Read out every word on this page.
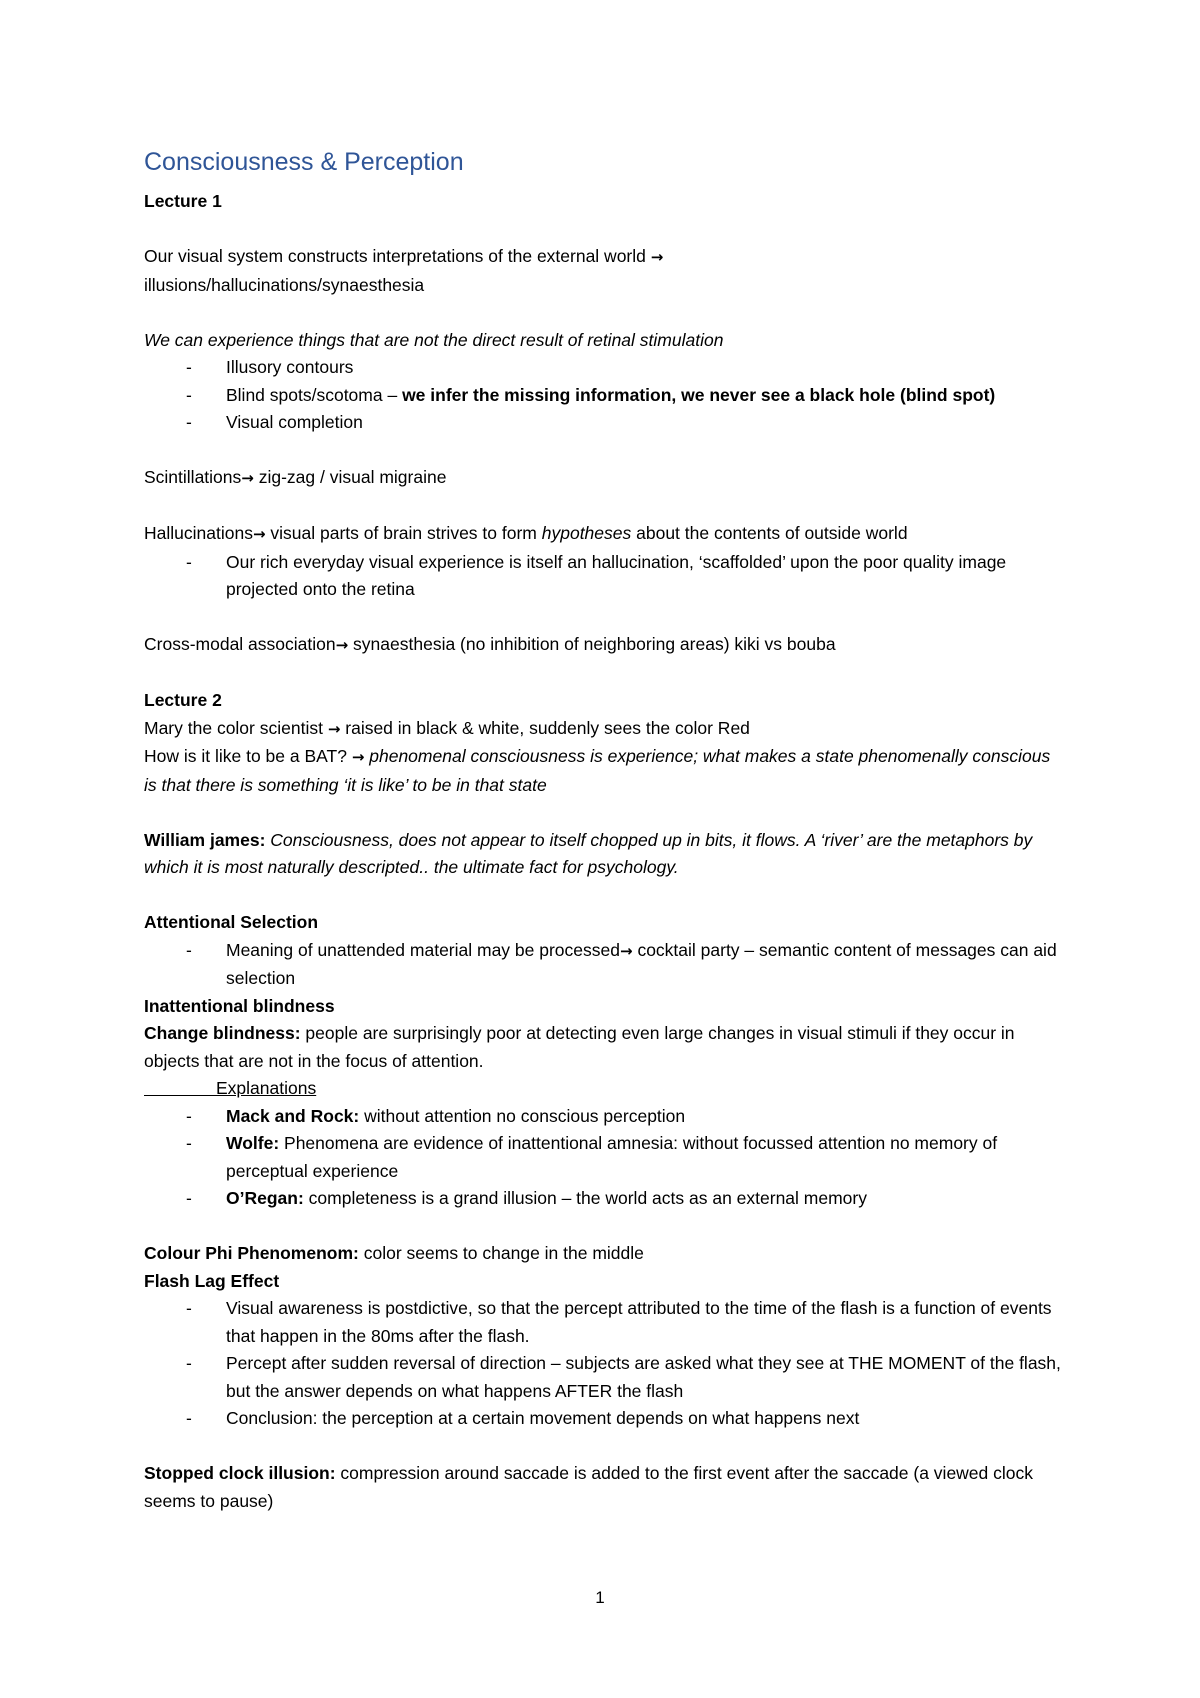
Consciousness & Perception
Lecture 1
Our visual system constructs interpretations of the external world →
illusions/hallucinations/synaesthesia
We can experience things that are not the direct result of retinal stimulation
-	Illusory contours
-	Blind spots/scotoma – we infer the missing information, we never see a black hole (blind spot)
-	Visual completion
Scintillations→ zig-zag / visual migraine
Hallucinations→ visual parts of brain strives to form hypotheses about the contents of outside world
-	Our rich everyday visual experience is itself an hallucination, ‘scaffolded’ upon the poor quality image projected onto the retina
Cross-modal association→ synaesthesia (no inhibition of neighboring areas) kiki vs bouba
Lecture 2
Mary the color scientist → raised in black & white, suddenly sees the color Red
How is it like to be a BAT? → phenomenal consciousness is experience; what makes a state phenomenally conscious is that there is something ‘it is like’ to be in that state
William james: Consciousness, does not appear to itself chopped up in bits, it flows. A ‘river’ are the metaphors by which it is most naturally descripted.. the ultimate fact for psychology.
Attentional Selection
-	Meaning of unattended material may be processed→ cocktail party – semantic content of messages can aid selection
Inattentional blindness
Change blindness: people are surprisingly poor at detecting even large changes in visual stimuli if they occur in objects that are not in the focus of attention.
Explanations
-	Mack and Rock: without attention no conscious perception
-	Wolfe: Phenomena are evidence of inattentional amnesia: without focussed attention no memory of perceptual experience
-	O’Regan: completeness is a grand illusion – the world acts as an external memory
Colour Phi Phenomenom: color seems to change in the middle
Flash Lag Effect
-	Visual awareness is postdictive, so that the percept attributed to the time of the flash is a function of events that happen in the 80ms after the flash.
-	Percept after sudden reversal of direction – subjects are asked what they see at THE MOMENT of the flash, but the answer depends on what happens AFTER the flash
-	Conclusion: the perception at a certain movement depends on what happens next
Stopped clock illusion: compression around saccade is added to the first event after the saccade (a viewed clock seems to pause)
1
